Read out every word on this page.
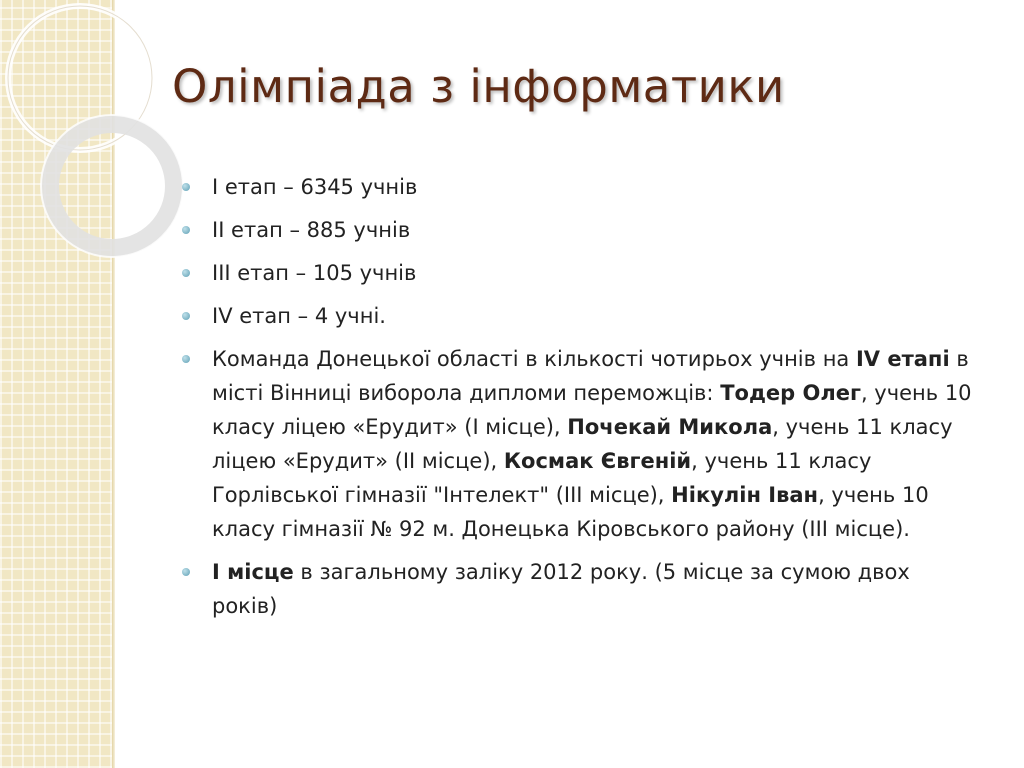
Олімпіада з інформатики
I етап – 6345 учнів
II етап – 885 учнів
III етап – 105 учнів
IV етап – 4 учні.
Команда Донецької області в кількості чотирьох учнів на IV етапі в місті Вінниці виборола дипломи переможців: Тодер Олег, учень 10 класу ліцею «Ерудит» (І місце), Почекай Микола, учень 11 класу ліцею «Ерудит» (ІІ місце), Космак Євгеній, учень 11 класу Горлівської гімназії "Інтелект" (ІІІ місце), Нікулін Іван, учень 10 класу гімназії № 92 м. Донецька Кіровського району (ІІІ місце).
І місце в загальному заліку 2012 року. (5 місце за сумою двох років)
